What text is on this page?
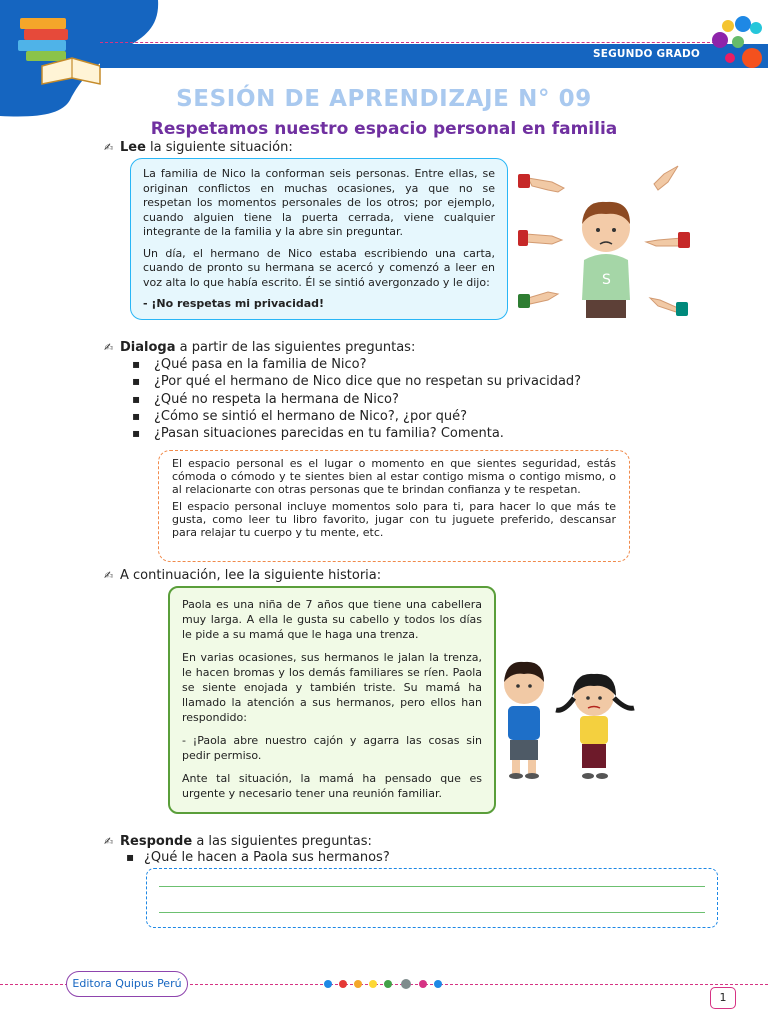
SEGUNDO GRADO
SESIÓN DE APRENDIZAJE N° 09
Respetamos nuestro espacio personal en familia
✍ Lee la siguiente situación:

La familia de Nico la conforman seis personas. Entre ellas, se originan conflictos en muchas ocasiones, ya que no se respetan los momentos personales de los otros; por ejemplo, cuando alguien tiene la puerta cerrada, viene cualquier integrante de la familia y la abre sin preguntar.

Un día, el hermano de Nico estaba escribiendo una carta, cuando de pronto su hermana se acercó y comenzó a leer en voz alta lo que había escrito. Él se sintió avergonzado y le dijo:

- ¡No respetas mi privacidad!

S
✍ Dialoga a partir de las siguientes preguntas:
▪ ¿Qué pasa en la familia de Nico?
▪ ¿Por qué el hermano de Nico dice que no respetan su privacidad?
▪ ¿Qué no respeta la hermana de Nico?
▪ ¿Cómo se sintió el hermano de Nico?, ¿por qué?
▪ ¿Pasan situaciones parecidas en tu familia? Comenta.

El espacio personal es el lugar o momento en que sientes seguridad, estás cómoda o cómodo y te sientes bien al estar contigo misma o contigo mismo, o al relacionarte con otras personas que te brindan confianza y te respetan.

El espacio personal incluye momentos solo para ti, para hacer lo que más te gusta, como leer tu libro favorito, jugar con tu juguete preferido, descansar para relajar tu cuerpo y tu mente, etc.

✍ A continuación, lee la siguiente historia:

Paola es una niña de 7 años que tiene una cabellera muy larga. A ella le gusta su cabello y todos los días le pide a su mamá que le haga una trenza.

En varias ocasiones, sus hermanos le jalan la trenza, le hacen bromas y los demás familiares se ríen. Paola se siente enojada y también triste. Su mamá ha llamado la atención a sus hermanos, pero ellos han respondido:

- ¡Paola abre nuestro cajón y agarra las cosas sin pedir permiso.

Ante tal situación, la mamá ha pensado que es urgente y necesario tener una reunión familiar.

✍ Responde a las siguientes preguntas:
▪ ¿Qué le hacen a Paola sus hermanos?
Editora Quipus Perú
1
